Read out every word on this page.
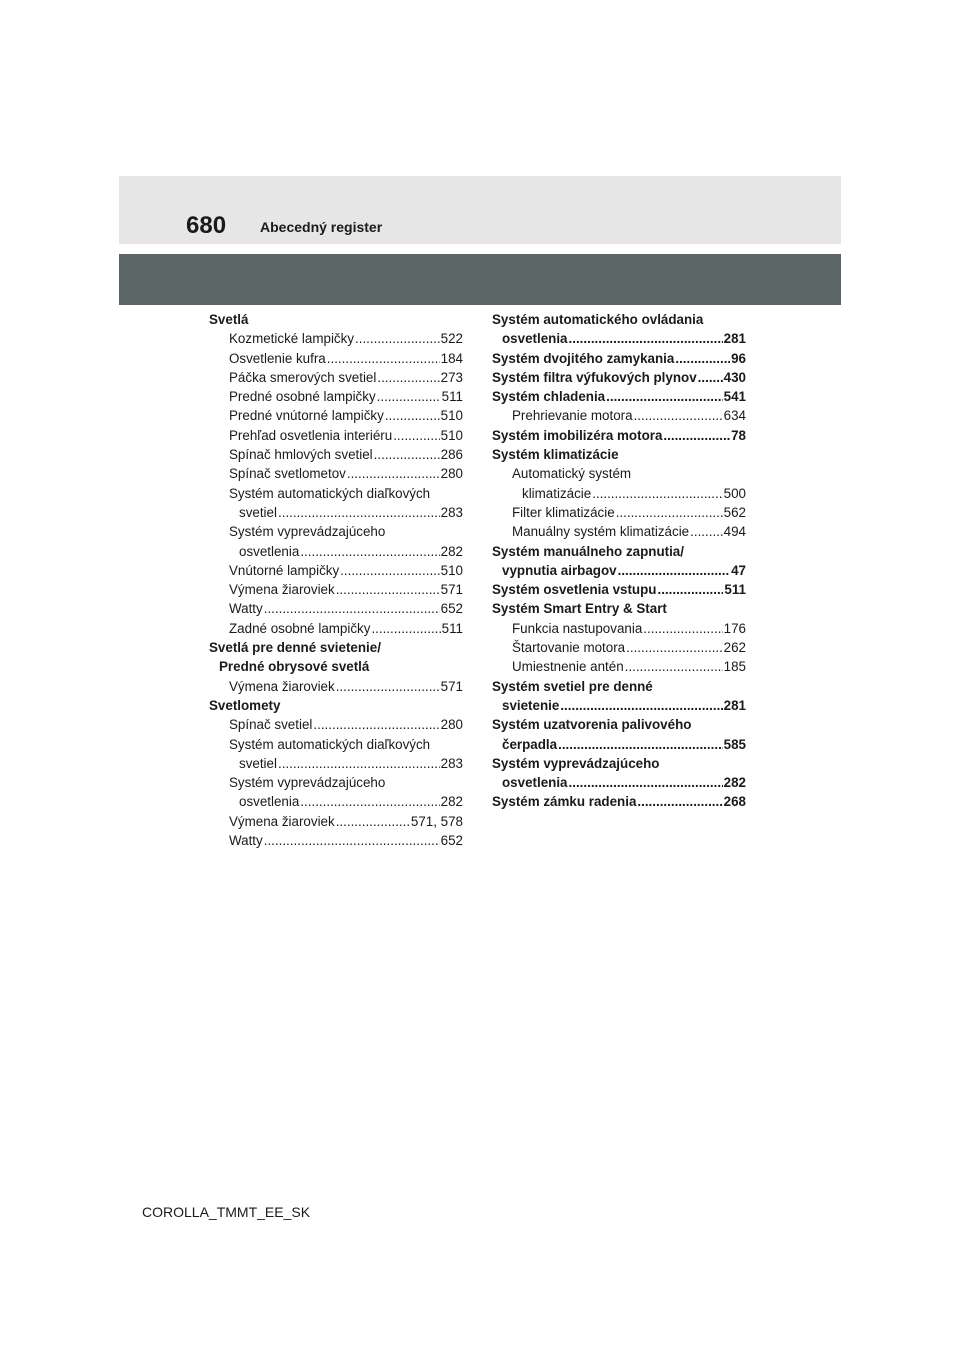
680 Abecedný register
Svetlá
Kozmetické lampičky .....	522
Osvetlenie kufra .....	184
Páčka smerových svetiel .....	273
Predné osobné lampičky .....	511
Predné vnútorné lampičky .....	510
Prehľad osvetlenia interiéru .....	510
Spínač hmlových svetiel .....	286
Spínač svetlometov .....	280
Systém automatických diaľkových
svetiel .....	283
Systém vyprevádzajúceho
osvetlenia .....	282
Vnútorné lampičky .....	510
Výmena žiaroviek .....	571
Watty .....	652
Zadné osobné lampičky .....	511
Svetlá pre denné svietenie/
Predné obrysové svetlá
Výmena žiaroviek .....	571
Svetlomety
Spínač svetiel .....	280
Systém automatických diaľkových
svetiel .....	283
Systém vyprevádzajúceho
osvetlenia .....	282
Výmena žiaroviek .....	571, 578
Watty .....	652
Systém automatického ovládania
osvetlenia .....	281
Systém dvojitého zamykania .....	96
Systém filtra výfukových plynov ..... 430
Systém chladenia .....	541
Prehrievanie motora .....	634
Systém imobilizéra motora .....	78
Systém klimatizácie
Automatický systém
klimatizácie .....	500
Filter klimatizácie .....	562
Manuálny systém klimatizácie .....	494
Systém manuálneho zapnutia/
vypnutia airbagov .....	47
Systém osvetlenia vstupu .....	511
Systém Smart Entry & Start
Funkcia nastupovania .....	176
Štartovanie motora .....	262
Umiestnenie antén .....	185
Systém svetiel pre denné
svietenie .....	281
Systém uzatvorenia palivového
čerpadla .....	585
Systém vyprevádzajúceho
osvetlenia .....	282
Systém zámku radenia .....	268
COROLLA_TMMT_EE_SK
